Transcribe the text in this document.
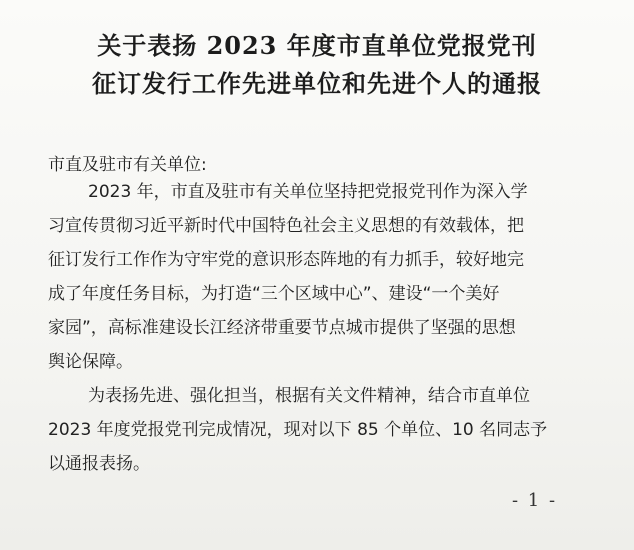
关于表扬 2023 年度市直单位党报党刊
征订发行工作先进单位和先进个人的通报
市直及驻市有关单位:
2023 年，市直及驻市有关单位坚持把党报党刊作为深入学
习宣传贯彻习近平新时代中国特色社会主义思想的有效载体，把
征订发行工作作为守牢党的意识形态阵地的有力抓手，较好地完
成了年度任务目标，为打造“三个区域中心”、建设“一个美好
家园”，高标准建设长江经济带重要节点城市提供了坚强的思想
舆论保障。
为表扬先进、强化担当，根据有关文件精神，结合市直单位
2023 年度党报党刊完成情况，现对以下 85 个单位、10 名同志予
以通报表扬。
- 1 -
